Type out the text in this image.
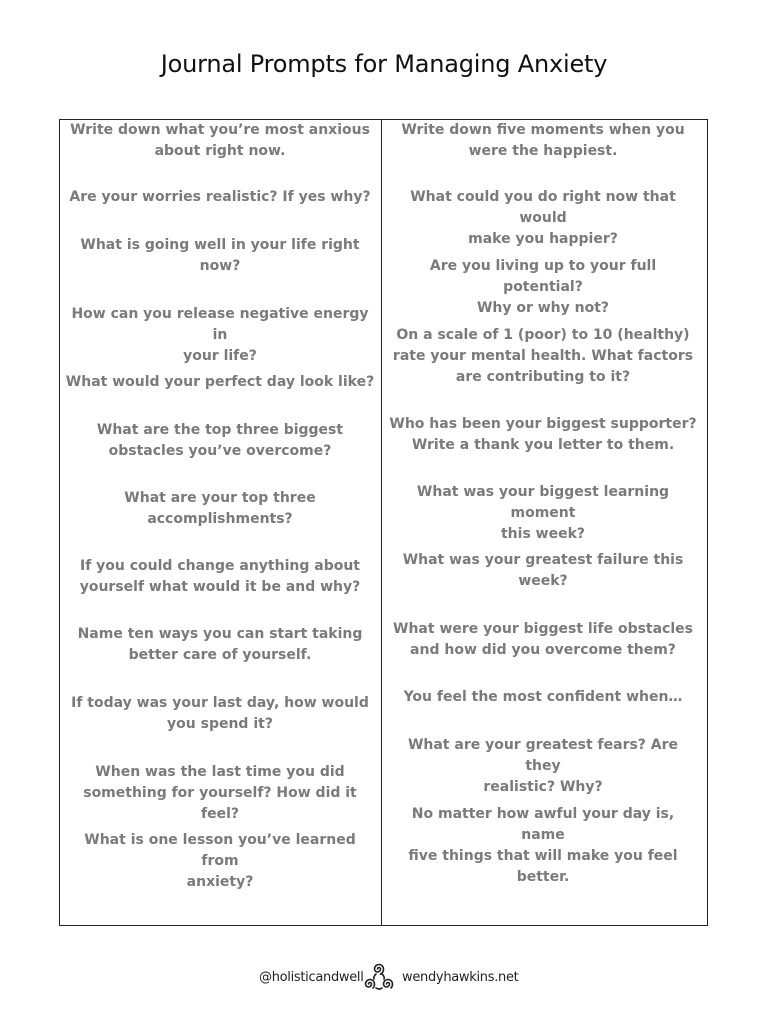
Journal Prompts for Managing Anxiety
Write down what you’re most anxious
about right now.
Are your worries realistic? If yes why?
What is going well in your life right
now?
How can you release negative energy in
your life?
What would your perfect day look like?
What are the top three biggest
obstacles you’ve overcome?
What are your top three
accomplishments?
If you could change anything about
yourself what would it be and why?
Name ten ways you can start taking
better care of yourself.
If today was your last day, how would
you spend it?
When was the last time you did
something for yourself? How did it feel?
What is one lesson you’ve learned from
anxiety?
Write down five moments when you
were the happiest.
What could you do right now that would
make you happier?
Are you living up to your full potential?
Why or why not?
On a scale of 1 (poor) to 10 (healthy)
rate your mental health. What factors
are contributing to it?
Who has been your biggest supporter?
Write a thank you letter to them.
What was your biggest learning moment
this week?
What was your greatest failure this
week?
What were your biggest life obstacles
and how did you overcome them?
You feel the most confident when…
What are your greatest fears? Are they
realistic? Why?
No matter how awful your day is, name
five things that will make you feel
better.
@holisticandwell	wendyhawkins.net
